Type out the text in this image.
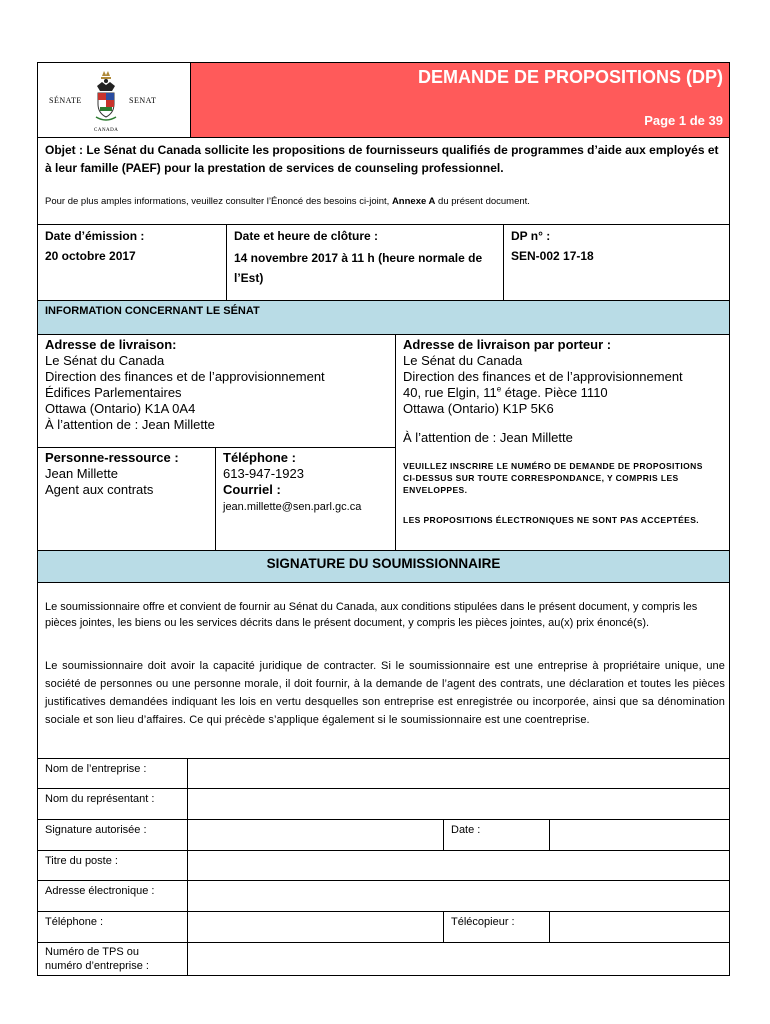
SÉNATE	SENAT
CANADA
DEMANDE DE PROPOSITIONS (DP)
Page 1 de 39
Objet : Le Sénat du Canada sollicite les propositions de fournisseurs qualifiés de programmes d’aide aux employés et à leur famille (PAEF) pour la prestation de services de counseling professionnel.
Pour de plus amples informations, veuillez consulter l’Énoncé des besoins ci-joint, Annexe A du présent document.
Date d’émission :
20 octobre 2017
Date et heure de clôture :
14 novembre 2017 à 11 h (heure normale de l’Est)
DP n° :
SEN-002 17-18
INFORMATION CONCERNANT LE SÉNAT
Adresse de livraison:
Le Sénat du Canada
Direction des finances et de l’approvisionnement
Édifices Parlementaires
Ottawa (Ontario) K1A 0A4
À l’attention de : Jean Millette
Adresse de livraison par porteur :
Le Sénat du Canada
Direction des finances et de l’approvisionnement
40, rue Elgin, 11e étage. Pièce 1110
Ottawa (Ontario) K1P 5K6
À l’attention de : Jean Millette
Personne-ressource :
Jean Millette
Agent aux contrats
Téléphone :
613-947-1923
Courriel :
jean.millette@sen.parl.gc.ca
VEUILLEZ INSCRIRE LE NUMÉRO DE DEMANDE DE PROPOSITIONS CI-DESSUS SUR TOUTE CORRESPONDANCE, Y COMPRIS LES ENVELOPPES.
LES PROPOSITIONS ÉLECTRONIQUES NE SONT PAS ACCEPTÉES.
SIGNATURE DU SOUMISSIONNAIRE
Le soumissionnaire offre et convient de fournir au Sénat du Canada, aux conditions stipulées dans le présent document, y compris les pièces jointes, les biens ou les services décrits dans le présent document, y compris les pièces jointes, au(x) prix énoncé(s).
Le soumissionnaire doit avoir la capacité juridique de contracter. Si le soumissionnaire est une entreprise à propriétaire unique, une société de personnes ou une personne morale, il doit fournir, à la demande de l’agent des contrats, une déclaration et toutes les pièces justificatives demandées indiquant les lois en vertu desquelles son entreprise est enregistrée ou incorporée, ainsi que sa dénomination sociale et son lieu d’affaires. Ce qui précède s’applique également si le soumissionnaire est une coentreprise.
Nom de l’entreprise :
Nom du représentant :
Signature autorisée :	Date :
Titre du poste :
Adresse électronique :
Téléphone :	Télécopieur :
Numéro de TPS ou
numéro d’entreprise :
